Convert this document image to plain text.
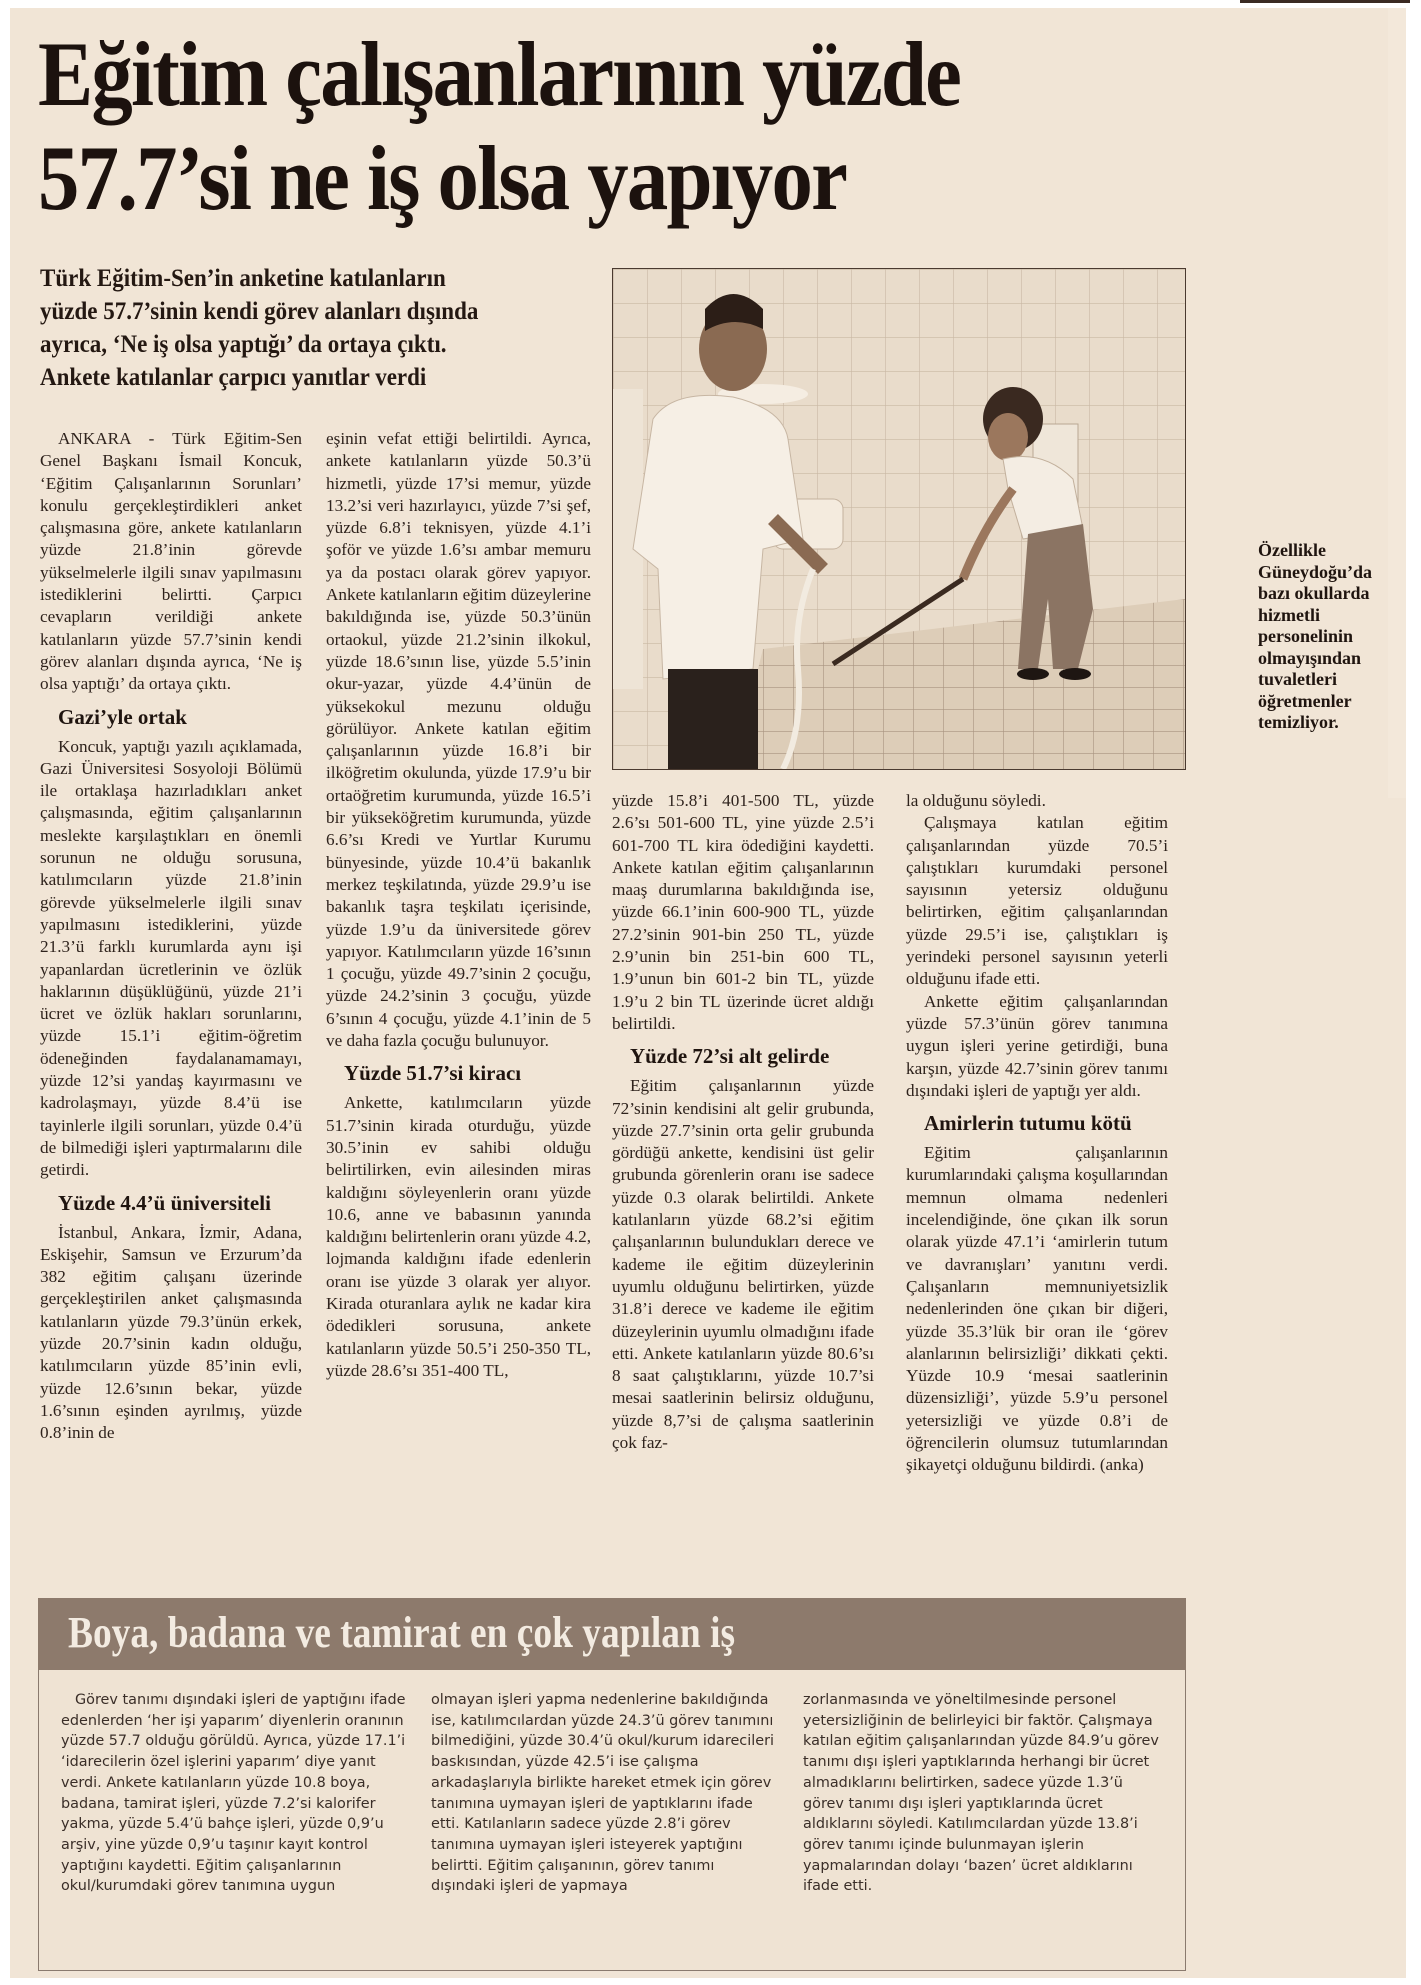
Eğitim çalışanlarının yüzde
57.7’si ne iş olsa yapıyor
Türk Eğitim-Sen’in anketine katılanların
yüzde 57.7’sinin kendi görev alanları dışında
ayrıca, ‘Ne iş olsa yaptığı’ da ortaya çıktı.
Ankete katılanlar çarpıcı yanıtlar verdi

ANKARA - Türk Eğitim-Sen Genel Başkanı İsmail Koncuk, ‘Eğitim Çalışanlarının Sorunları’ konulu gerçekleştirdikleri anket çalışmasına göre, ankete katılanların yüzde 21.8’inin görevde yükselmelerle ilgili sınav yapılmasını istediklerini belirtti. Çarpıcı cevapların verildiği ankete katılanların yüzde 57.7’sinin kendi görev alanları dışında ayrıca, ‘Ne iş olsa yaptığı’ da ortaya çıktı.

Gazi’yle ortak

Koncuk, yaptığı yazılı açıklamada, Gazi Üniversitesi Sosyoloji Bölümü ile ortaklaşa hazırladıkları anket çalışmasında, eğitim çalışanlarının meslekte karşılaştıkları en önemli sorunun ne olduğu sorusuna, katılımcıların yüzde 21.8’inin görevde yükselmelerle ilgili sınav yapılmasını istediklerini, yüzde 21.3’ü farklı kurumlarda aynı işi yapanlardan ücretlerinin ve özlük haklarının düşüklüğünü, yüzde 21’i ücret ve özlük hakları sorunlarını, yüzde 15.1’i eğitim-öğretim ödeneğinden faydalanamamayı, yüzde 12’si yandaş kayırmasını ve kadrolaşmayı, yüzde 8.4’ü ise tayinlerle ilgili sorunları, yüzde 0.4’ü de bilmediği işleri yaptırmalarını dile getirdi.

Yüzde 4.4’ü üniversiteli

İstanbul, Ankara, İzmir, Adana, Eskişehir, Samsun ve Erzurum’da 382 eğitim çalışanı üzerinde gerçekleştirilen anket çalışmasında katılanların yüzde 79.3’ünün erkek, yüzde 20.7’sinin kadın olduğu, katılımcıların yüzde 85’inin evli, yüzde 12.6’sının bekar, yüzde 1.6’sının eşinden ayrılmış, yüzde 0.8’inin de

eşinin vefat ettiği belirtildi. Ayrıca, ankete katılanların yüzde 50.3’ü hizmetli, yüzde 17’si memur, yüzde 13.2’si veri hazırlayıcı, yüzde 7’si şef, yüzde 6.8’i teknisyen, yüzde 4.1’i şoför ve yüzde 1.6’sı ambar memuru ya da postacı olarak görev yapıyor. Ankete katılanların eğitim düzeylerine bakıldığında ise, yüzde 50.3’ünün ortaokul, yüzde 21.2’sinin ilkokul, yüzde 18.6’sının lise, yüzde 5.5’inin okur-yazar, yüzde 4.4’ünün de yüksekokul mezunu olduğu görülüyor. Ankete katılan eğitim çalışanlarının yüzde 16.8’i bir ilköğretim okulunda, yüzde 17.9’u bir ortaöğretim kurumunda, yüzde 16.5’i bir yükseköğretim kurumunda, yüzde 6.6’sı Kredi ve Yurtlar Kurumu bünyesinde, yüzde 10.4’ü bakanlık merkez teşkilatında, yüzde 29.9’u ise bakanlık taşra teşkilatı içerisinde, yüzde 1.9’u da üniversitede görev yapıyor. Katılımcıların yüzde 16’sının 1 çocuğu, yüzde 49.7’sinin 2 çocuğu, yüzde 24.2’sinin 3 çocuğu, yüzde 6’sının 4 çocuğu, yüzde 4.1’inin de 5 ve daha fazla çocuğu bulunuyor.

Yüzde 51.7’si kiracı

Ankette, katılımcıların yüzde 51.7’sinin kirada oturduğu, yüzde 30.5’inin ev sahibi olduğu belirtilirken, evin ailesinden miras kaldığını söyleyenlerin oranı yüzde 10.6, anne ve babasının yanında kaldığını belirtenlerin oranı yüzde 4.2, lojmanda kaldığını ifade edenlerin oranı ise yüzde 3 olarak yer alıyor. Kirada oturanlara aylık ne kadar kira ödedikleri sorusuna, ankete katılanların yüzde 50.5’i 250-350 TL, yüzde 28.6’sı 351-400 TL,

Özellikle Güneydoğu’da bazı okullarda hizmetli personelinin olmayışından tuvaletleri öğretmenler temizliyor.

yüzde 15.8’i 401-500 TL, yüzde 2.6’sı 501-600 TL, yine yüzde 2.5’i 601-700 TL kira ödediğini kaydetti. Ankete katılan eğitim çalışanlarının maaş durumlarına bakıldığında ise, yüzde 66.1’inin 600-900 TL, yüzde 27.2’sinin 901-bin 250 TL, yüzde 2.9’unin bin 251-bin 600 TL, 1.9’unun bin 601-2 bin TL, yüzde 1.9’u 2 bin TL üzerinde ücret aldığı belirtildi.

Yüzde 72’si alt gelirde

Eğitim çalışanlarının yüzde 72’sinin kendisini alt gelir grubunda, yüzde 27.7’sinin orta gelir grubunda gördüğü ankette, kendisini üst gelir grubunda görenlerin oranı ise sadece yüzde 0.3 olarak belirtildi. Ankete katılanların yüzde 68.2’si eğitim çalışanlarının bulundukları derece ve kademe ile eğitim düzeylerinin uyumlu olduğunu belirtirken, yüzde 31.8’i derece ve kademe ile eğitim düzeylerinin uyumlu olmadığını ifade etti. Ankete katılanların yüzde 80.6’sı 8 saat çalıştıklarını, yüzde 10.7’si mesai saatlerinin belirsiz olduğunu, yüzde 8,7’si de çalışma saatlerinin çok faz-

la olduğunu söyledi.

Çalışmaya katılan eğitim çalışanlarından yüzde 70.5’i çalıştıkları kurumdaki personel sayısının yetersiz olduğunu belirtirken, eğitim çalışanlarından yüzde 29.5’i ise, çalıştıkları iş yerindeki personel sayısının yeterli olduğunu ifade etti.

Ankette eğitim çalışanlarından yüzde 57.3’ünün görev tanımına uygun işleri yerine getirdiği, buna karşın, yüzde 42.7’sinin görev tanımı dışındaki işleri de yaptığı yer aldı.

Amirlerin tutumu kötü

Eğitim çalışanlarının kurumlarındaki çalışma koşullarından memnun olmama nedenleri incelendiğinde, öne çıkan ilk sorun olarak yüzde 47.1’i ‘amirlerin tutum ve davranışları’ yanıtını verdi. Çalışanların memnuniyetsizlik nedenlerinden öne çıkan bir diğeri, yüzde 35.3’lük bir oran ile ‘görev alanlarının belirsizliği’ dikkati çekti. Yüzde 10.9 ‘mesai saatlerinin düzensizliği’, yüzde 5.9’u personel yetersizliği ve yüzde 0.8’i de öğrencilerin olumsuz tutumlarından şikayetçi olduğunu bildirdi. (anka)

Boya, badana ve tamirat en çok yapılan iş

Görev tanımı dışındaki işleri de yaptığını ifade edenlerden ‘her işi yaparım’ diyenlerin oranının yüzde 57.7 olduğu görüldü. Ayrıca, yüzde 17.1’i ‘idarecilerin özel işlerini yaparım’ diye yanıt verdi. Ankete katılanların yüzde 10.8 boya, badana, tamirat işleri, yüzde 7.2’si kalorifer yakma, yüzde 5.4’ü bahçe işleri, yüzde 0,9’u arşiv, yine yüzde 0,9’u taşınır kayıt kontrol yaptığını kaydetti. Eğitim çalışanlarının okul/kurumdaki görev tanımına uygun

olmayan işleri yapma nedenlerine bakıldığında ise, katılımcılardan yüzde 24.3’ü görev tanımını bilmediğini, yüzde 30.4’ü okul/kurum idarecileri baskısından, yüzde 42.5’i ise çalışma arkadaşlarıyla birlikte hareket etmek için görev tanımına uymayan işleri de yaptıklarını ifade etti. Katılanların sadece yüzde 2.8’i görev tanımına uymayan işleri isteyerek yaptığını belirtti. Eğitim çalışanının, görev tanımı dışındaki işleri de yapmaya

zorlanmasında ve yöneltilmesinde personel yetersizliğinin de belirleyici bir faktör. Çalışmaya katılan eğitim çalışanlarından yüzde 84.9’u görev tanımı dışı işleri yaptıklarında herhangi bir ücret almadıklarını belirtirken, sadece yüzde 1.3’ü görev tanımı dışı işleri yaptıklarında ücret aldıklarını söyledi. Katılımcılardan yüzde 13.8’i görev tanımı içinde bulunmayan işlerin yapmalarından dolayı ‘bazen’ ücret aldıklarını ifade etti.
